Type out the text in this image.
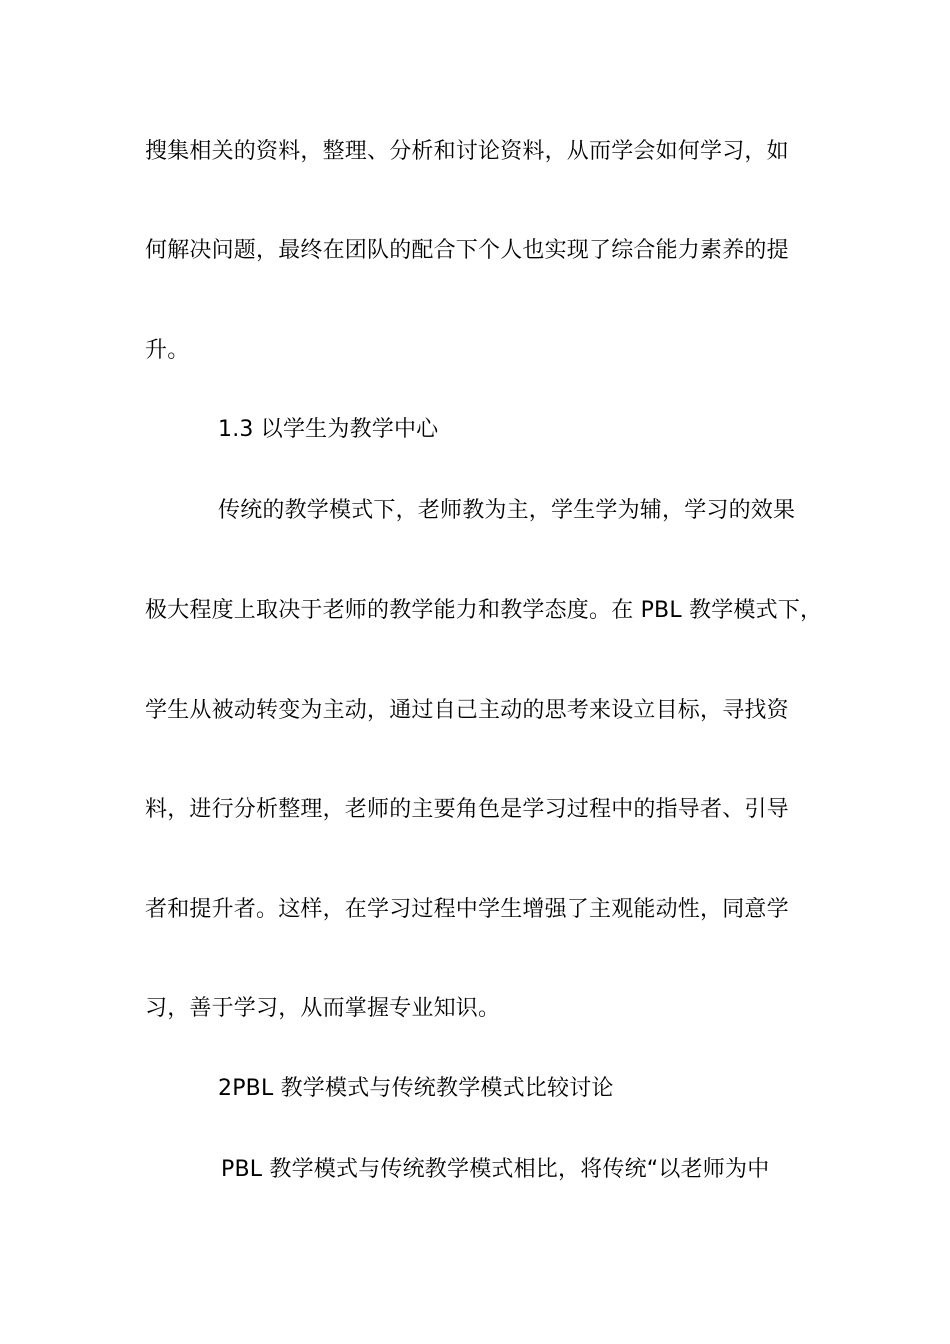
搜集相关的资料，整理、分析和讨论资料，从而学会如何学习，如
何解决问题，最终在团队的配合下个人也实现了综合能力素养的提
升。
1.3 以学生为教学中心
传统的教学模式下，老师教为主，学生学为辅，学习的效果
极大程度上取决于老师的教学能力和教学态度。在 PBL 教学模式下，
学生从被动转变为主动，通过自己主动的思考来设立目标，寻找资
料，进行分析整理，老师的主要角色是学习过程中的指导者、引导
者和提升者。这样，在学习过程中学生增强了主观能动性，同意学
习，善于学习，从而掌握专业知识。
2PBL 教学模式与传统教学模式比较讨论
PBL 教学模式与传统教学模式相比，将传统“以老师为中
